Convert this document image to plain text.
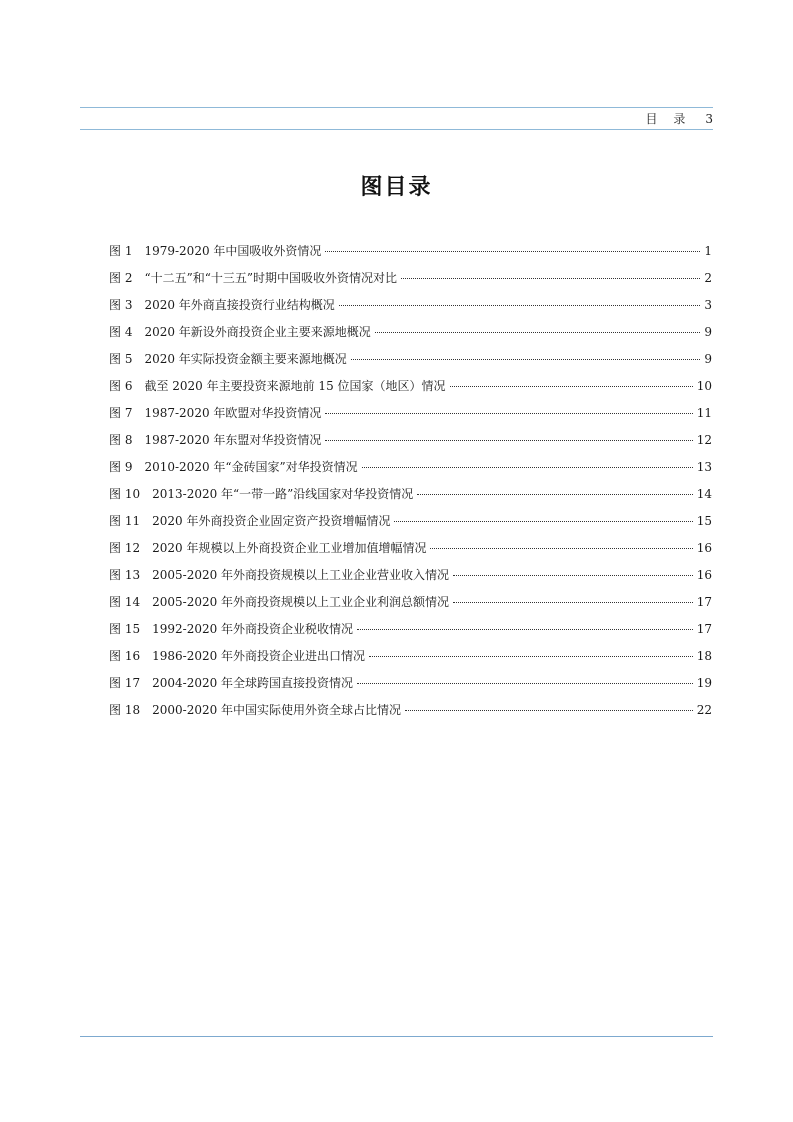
目 录 3
图目录
图 1 1979-2020 年中国吸收外资情况	1
图 2 “十二五”和“十三五”时期中国吸收外资情况对比	2
图 3 2020 年外商直接投资行业结构概况	3
图 4 2020 年新设外商投资企业主要来源地概况	9
图 5 2020 年实际投资金额主要来源地概况	9
图 6 截至 2020 年主要投资来源地前 15 位国家（地区）情况	10
图 7 1987-2020 年欧盟对华投资情况	11
图 8 1987-2020 年东盟对华投资情况	12
图 9 2010-2020 年“金砖国家”对华投资情况	13
图 10 2013-2020 年“一带一路”沿线国家对华投资情况	14
图 11 2020 年外商投资企业固定资产投资增幅情况	15
图 12 2020 年规模以上外商投资企业工业增加值增幅情况	16
图 13 2005-2020 年外商投资规模以上工业企业营业收入情况	16
图 14 2005-2020 年外商投资规模以上工业企业利润总额情况	17
图 15 1992-2020 年外商投资企业税收情况	17
图 16 1986-2020 年外商投资企业进出口情况	18
图 17 2004-2020 年全球跨国直接投资情况	19
图 18 2000-2020 年中国实际使用外资全球占比情况	22
